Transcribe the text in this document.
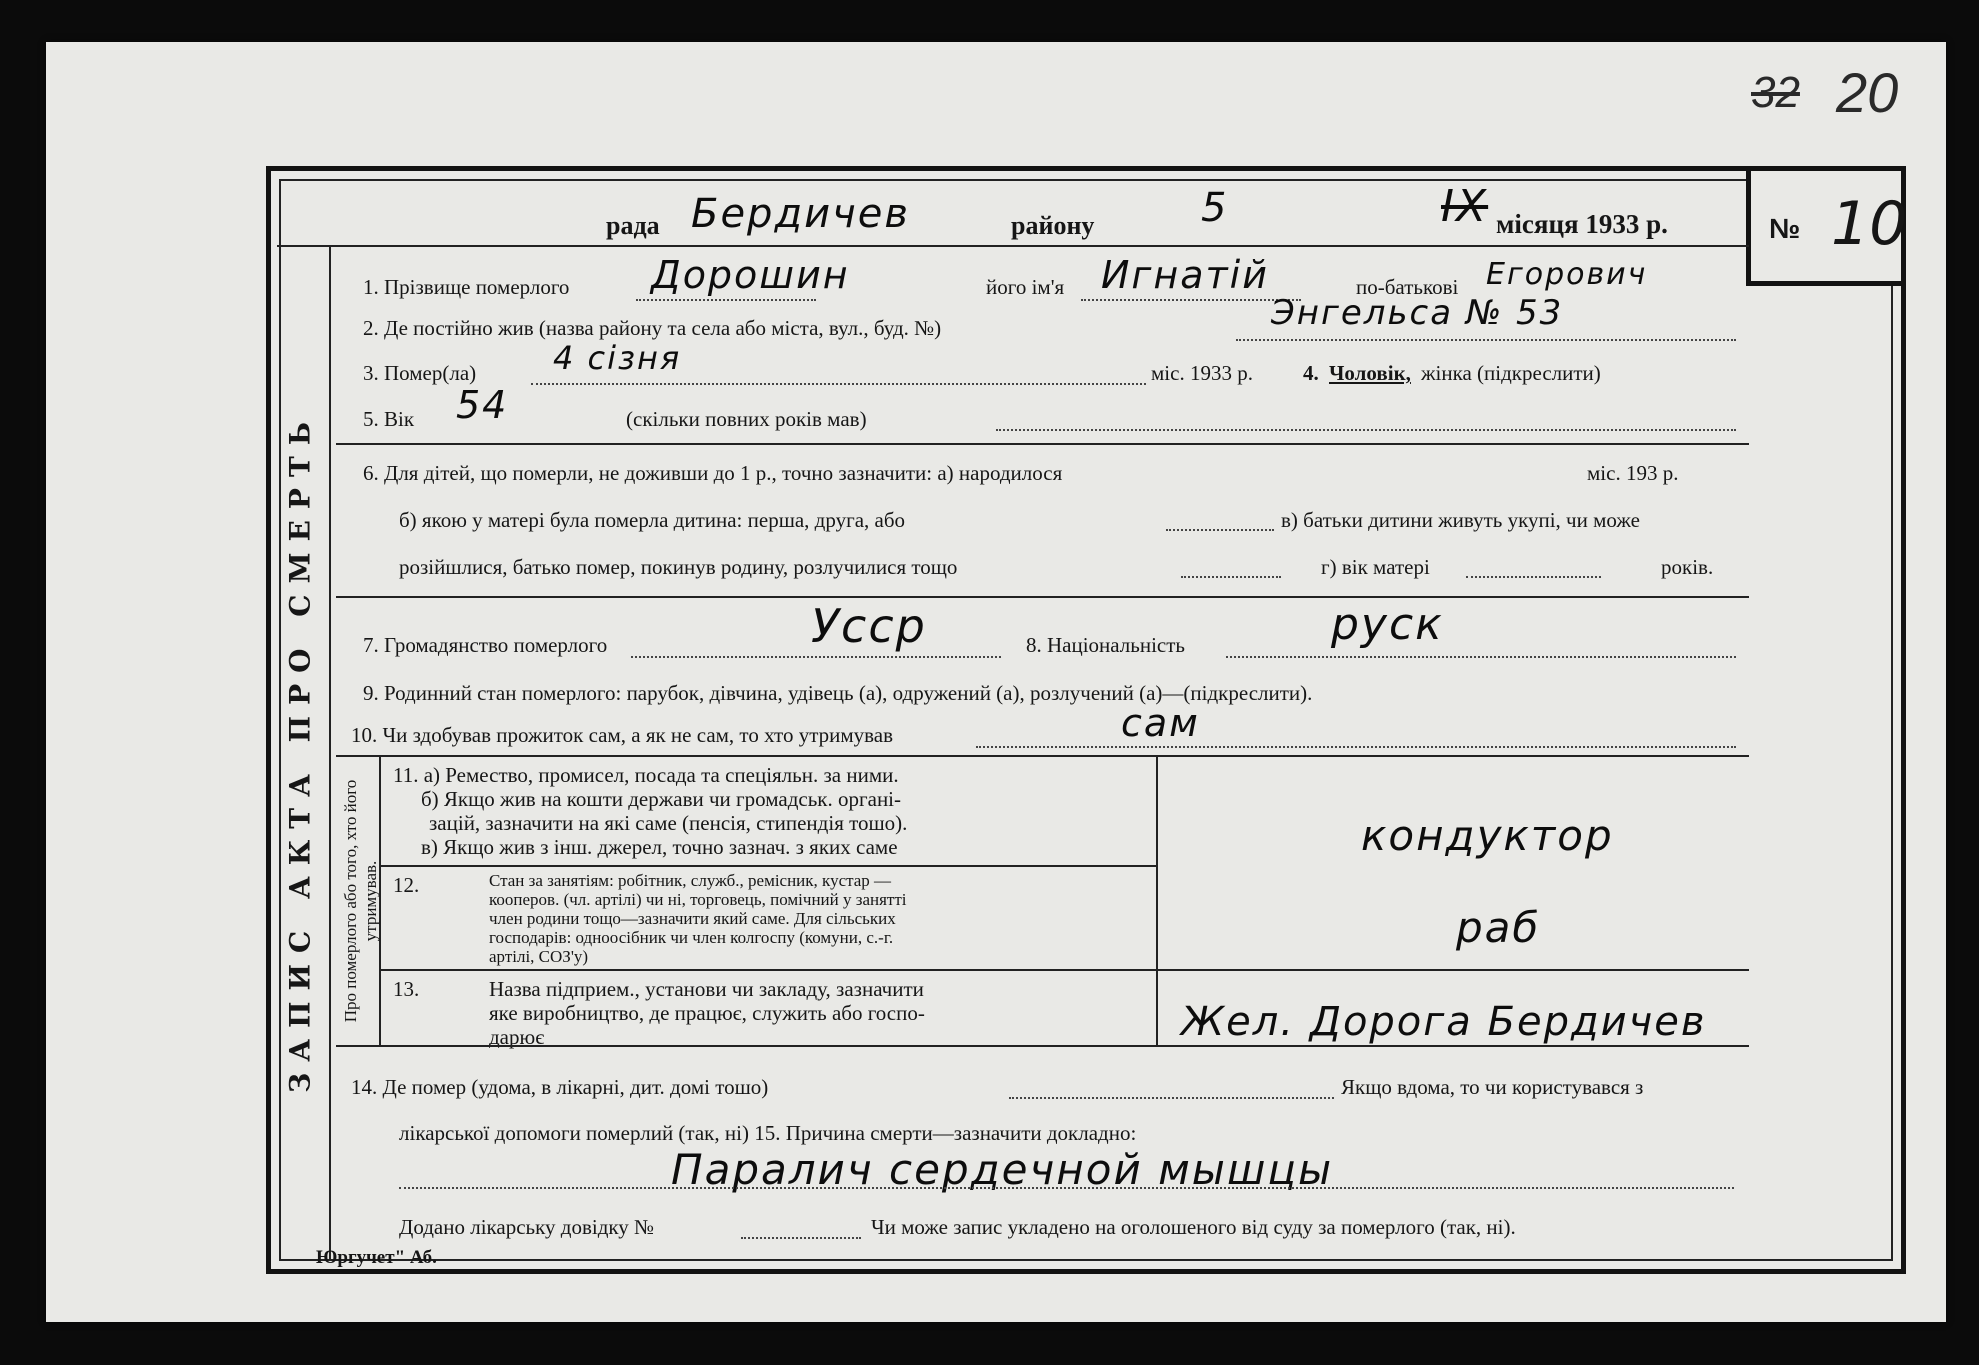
20
32
№ 10
рада Бердичев	району	5	IX місяця 1933 р.
ЗАПИС АКТА ПРО СМЕРТЬ
1. Прізвище померлого Дорошин	його ім'я Игнатій	по-батькові Егорович
2. Де постійно жив (назва району та села або міста, вул., буд. №)	Энгельса № 53
3. Помер(ла) 4 сізня	міс. 1933 р. 4. Чоловік, жінка (підкреслити)
5. Вік 54	(скільки повних років мав)
6. Для дітей, що померли, не доживши до 1 р., точно зазначити: а) народилося	міс. 193 р.
б) якою у матері була померла дитина: перша, друга, або	в) батьки дитини живуть укупі, чи може
розійшлися, батько помер, покинув родину, розлучилися тощо	г) вік матері	років.
7. Громадянство померлого	Усср	8. Національність	руск
9. Родинний стан померлого: парубок, дівчина, удівець (а), одружений (а), розлучений (а)—(підкреслити).
10. Чи здобував прожиток сам, а як не сам, то хто утримував	сам
Про померлого або того, хто його утримував.
11. а) Ремество, промисел, посада та спеціяльн. за ними.
б) Якщо жив на кошти держави чи громадськ. органі-
зацій, зазначити на які саме (пенсія, стипендія тошо).
в) Якщо жив з інш. джерел, точно зазнач. з яких саме	кондуктор
12.	Стан за занятіям: робітник, служб., ремісник, кустар —
кооперов. (чл. артілі) чи ні, торговець, помічний у занятті
член родини тощо—зазначити який саме. Для сільських
господарів: одноосібник чи член колгоспу (комуни, с.-г.
артілі, СОЗ'у)
раб
13.	Назва підприем., установи чи закладу, зазначити
яке виробництво, де працює, служить або госпо-
дарює	Жел. Дорога Бердичев
14. Де помер (удома, в лікарні, дит. домі тошо)	Якщо вдома, то чи користувався з
лікарської допомоги померлий (так, ні) 15. Причина смерти—зазначити докладно:
Паралич сердечной мышцы
Додано лікарську довідку №	Чи може запис укладено на оголошеного від суду за померлого (так, ні).
Юргучет" Аб.
